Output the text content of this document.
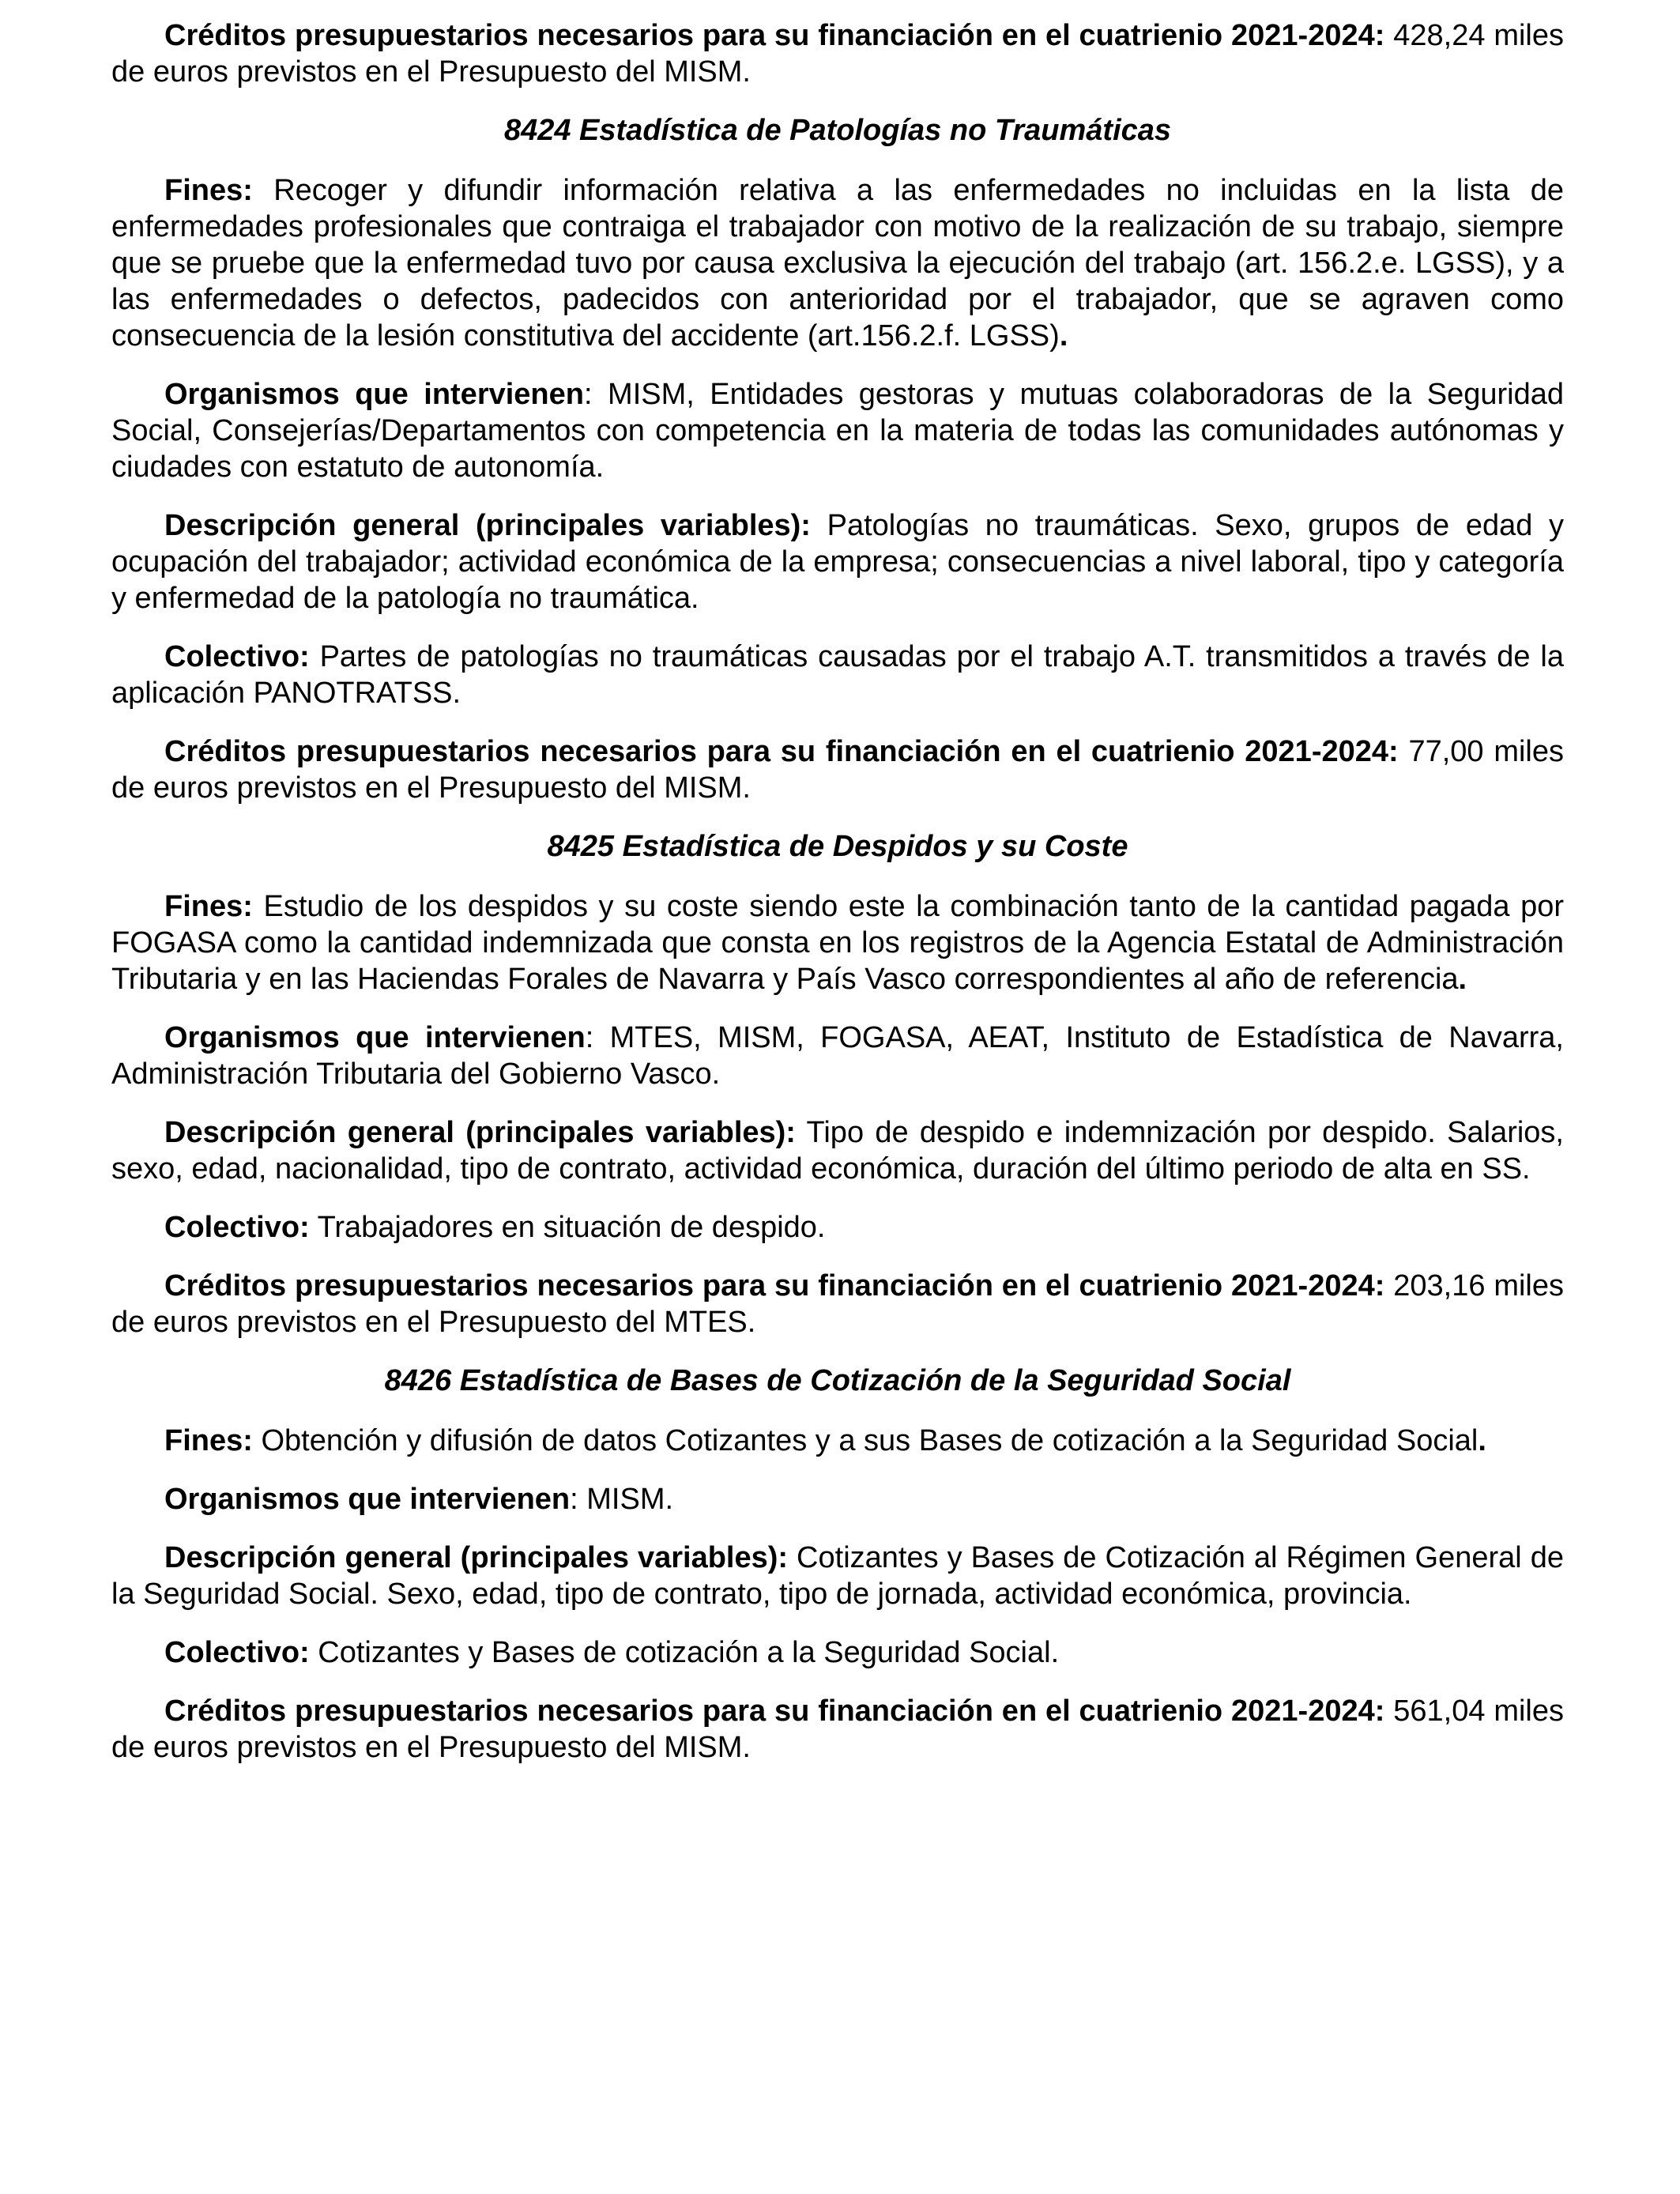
Créditos presupuestarios necesarios para su financiación en el cuatrienio 2021-2024: 428,24 miles de euros previstos en el Presupuesto del MISM.

8424 Estadística de Patologías no Traumáticas

Fines: Recoger y difundir información relativa a las enfermedades no incluidas en la lista de enfermedades profesionales que contraiga el trabajador con motivo de la realización de su trabajo, siempre que se pruebe que la enfermedad tuvo por causa exclusiva la ejecución del trabajo (art. 156.2.e. LGSS), y a las enfermedades o defectos, padecidos con anterioridad por el trabajador, que se agraven como consecuencia de la lesión constitutiva del accidente (art.156.2.f. LGSS).

Organismos que intervienen: MISM, Entidades gestoras y mutuas colaboradoras de la Seguridad Social, Consejerías/Departamentos con competencia en la materia de todas las comunidades autónomas y ciudades con estatuto de autonomía.

Descripción general (principales variables): Patologías no traumáticas. Sexo, grupos de edad y ocupación del trabajador; actividad económica de la empresa; consecuencias a nivel laboral, tipo y categoría y enfermedad de la patología no traumática.

Colectivo: Partes de patologías no traumáticas causadas por el trabajo A.T. transmitidos a través de la aplicación PANOTRATSS.

Créditos presupuestarios necesarios para su financiación en el cuatrienio 2021-2024: 77,00 miles de euros previstos en el Presupuesto del MISM.

8425 Estadística de Despidos y su Coste

Fines: Estudio de los despidos y su coste siendo este la combinación tanto de la cantidad pagada por FOGASA como la cantidad indemnizada que consta en los registros de la Agencia Estatal de Administración Tributaria y en las Haciendas Forales de Navarra y País Vasco correspondientes al año de referencia.

Organismos que intervienen: MTES, MISM, FOGASA, AEAT, Instituto de Estadística de Navarra, Administración Tributaria del Gobierno Vasco.

Descripción general (principales variables): Tipo de despido e indemnización por despido. Salarios, sexo, edad, nacionalidad, tipo de contrato, actividad económica, duración del último periodo de alta en SS.

Colectivo: Trabajadores en situación de despido.

Créditos presupuestarios necesarios para su financiación en el cuatrienio 2021-2024: 203,16 miles de euros previstos en el Presupuesto del MTES.

8426 Estadística de Bases de Cotización de la Seguridad Social

Fines: Obtención y difusión de datos Cotizantes y a sus Bases de cotización a la Seguridad Social.

Organismos que intervienen: MISM.

Descripción general (principales variables): Cotizantes y Bases de Cotización al Régimen General de la Seguridad Social. Sexo, edad, tipo de contrato, tipo de jornada, actividad económica, provincia.

Colectivo: Cotizantes y Bases de cotización a la Seguridad Social.

Créditos presupuestarios necesarios para su financiación en el cuatrienio 2021-2024: 561,04 miles de euros previstos en el Presupuesto del MISM.
